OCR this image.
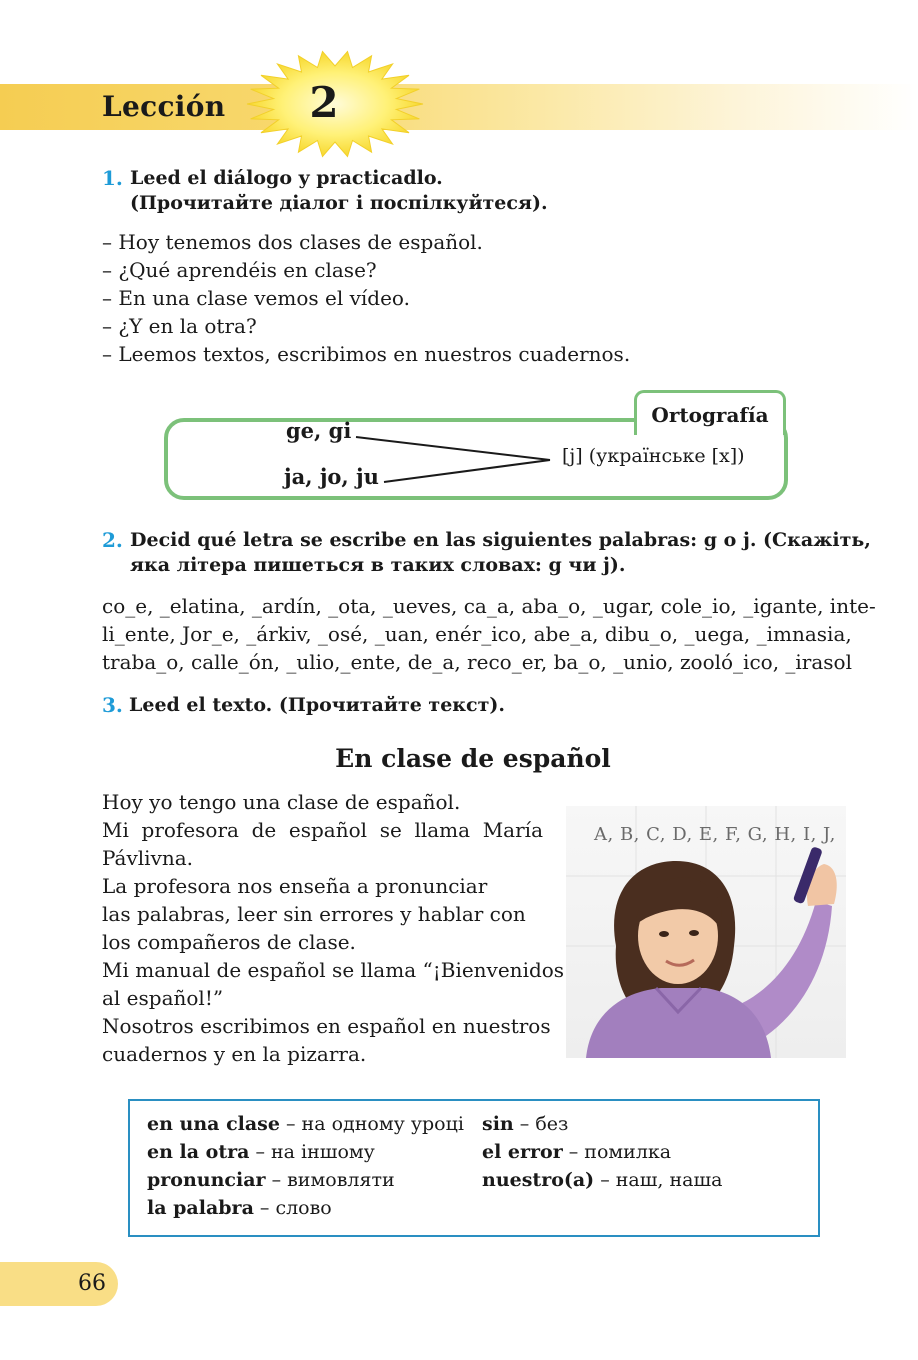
Lección 2
1. Leed el diálogo y practicadlo.
(Прочитайте діалог і поспілкуйтеся).
– Hoy tenemos dos clases de español.
– ¿Qué aprendéis en clase?
– En una clase vemos el vídeo.
– ¿Y en la otra?
– Leemos textos, escribimos en nuestros cuadernos.
Ortografía
ge, gi
ja, jo, ju
[j] (українське [х])
2. Decid qué letra se escribe en las siguientes palabras: g o j. (Скажіть,
яка літера пишеться в таких словах: g чи j).
co_e, _elatina, _ardín, _ota, _ueves, ca_a, aba_o, _ugar, cole_io, _igante, inte-
li_ente, Jor_e, _árkiv, _osé, _uan, enér_ico, abe_a, dibu_o, _uega, _imnasia,
traba_o, calle_ón, _ulio,_ente, de_a, reco_er, ba_o, _unio, zooló_ico, _irasol
3. Leed el texto. (Прочитайте текст).
En clase de español
Hoy yo tengo una clase de español.
Mi profesora de español se llama María
Pávlivna.
La profesora nos enseña a pronunciar
las palabras, leer sin errores y hablar con
los compañeros de clase.
Mi manual de español se llama “¡Bienvenidos
al español!”
Nosotros escribimos en español en nuestros
cuadernos y en la pizarra.
A, B, C, D, E, F, G, H, I, J,
en una clase – на одному уроці
en la otra – на іншому
pronunciar – вимовляти
la palabra – слово
sin – без
el error – помилка
nuestro(a) – наш, наша
66
